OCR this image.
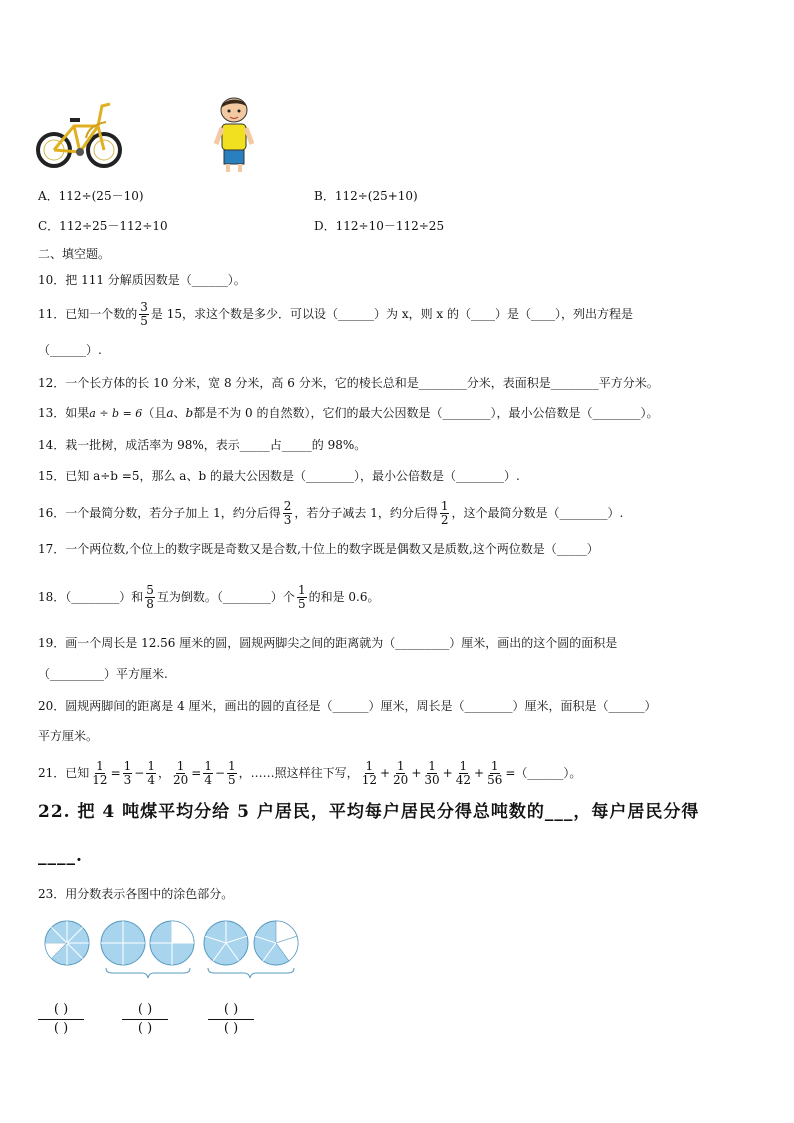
A．112÷(25－10)	B．112÷(25+10)
C．112÷25－112÷10	D．112÷10－112÷25
二、填空题。
10．把 111 分解质因数是（______）。
11．已知一个数的 $\frac{3}{5}$ 是 15，求这个数是多少．可以设（______）为 x，则 x 的（____）是（____），列出方程是
（______）.
12．一个长方体的长 10 分米，宽 8 分米，高 6 分米，它的棱长总和是________分米，表面积是________平方分米。
13．如果a ÷ b = 6（且a、b都是不为 0 的自然数），它们的最大公因数是（________），最小公倍数是（________）。
14．栽一批树，成活率为 98%，表示_____占_____的 98%。
15．已知 a÷b =5，那么 a、b 的最大公因数是（________），最小公倍数是（________）.
16．一个最简分数，若分子加上 1，约分后得 $\frac{2}{3}$ ，若分子减去 1，约分后得 $\frac{1}{2}$ ，这个最简分数是（________）.
17．一个两位数,个位上的数字既是奇数又是合数,十位上的数字既是偶数又是质数,这个两位数是（_____）
18．（________）和 $\frac{5}{8}$ 互为倒数。（________）个 $\frac{1}{5}$ 的和是 0.6。
19．画一个周长是 12.56 厘米的圆，圆规两脚尖之间的距离就为（_________）厘米，画出的这个圆的面积是
（_________）平方厘米.
20．圆规两脚间的距离是 4 厘米，画出的圆的直径是（______）厘米，周长是（________）厘米，面积是（______）
平方厘米。
21．已知 $\frac{1}{12} = \frac{1}{3} - \frac{1}{4}$ ， $\frac{1}{20} = \frac{1}{4} - \frac{1}{5}$ ，……照这样往下写， $\frac{1}{12} + \frac{1}{20} + \frac{1}{30} + \frac{1}{42} + \frac{1}{56}$ =（______）。
22. 把 4 吨煤平均分给 5 户居民，平均每户居民分得总吨数的___，每户居民分得
____.
23．用分数表示各图中的涂色部分。
( )
( )
( )
( )
( )
( )
